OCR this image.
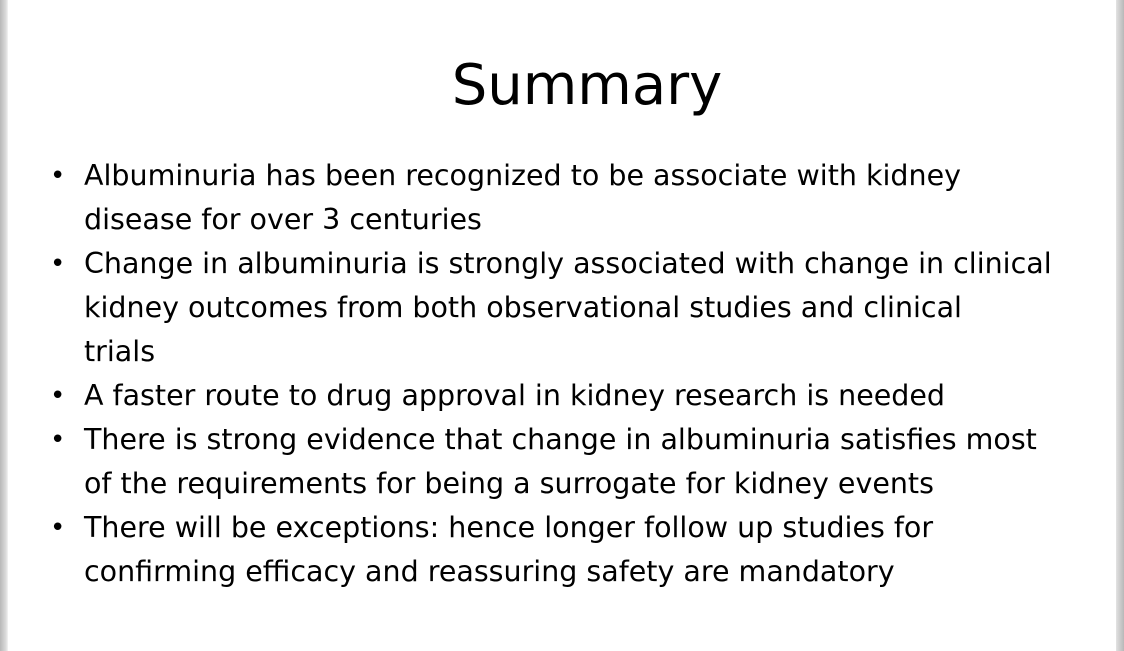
Summary
• Albuminuria has been recognized to be associate with kidney
disease for over 3 centuries
• Change in albuminuria is strongly associated with change in clinical
kidney outcomes from both observational studies and clinical
trials
• A faster route to drug approval in kidney research is needed
• There is strong evidence that change in albuminuria satisfies most
of the requirements for being a surrogate for kidney events
• There will be exceptions: hence longer follow up studies for
confirming efficacy and reassuring safety are mandatory
